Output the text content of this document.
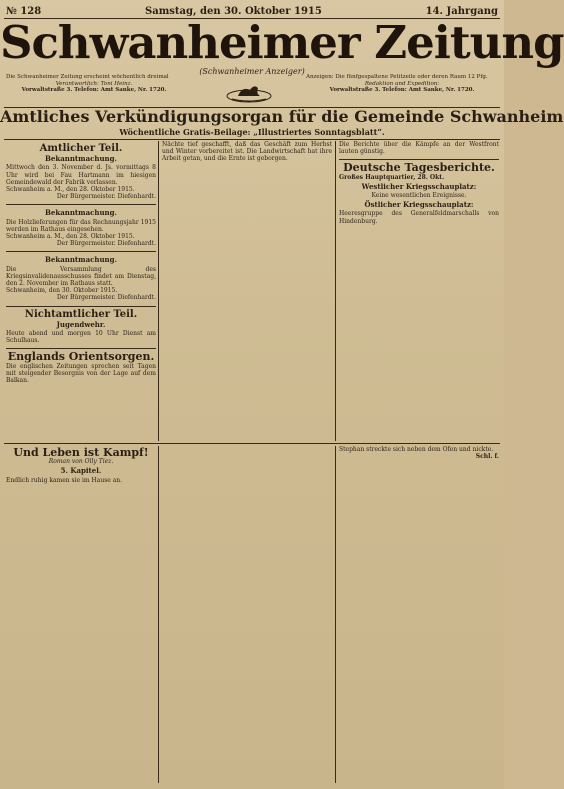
№ 128	Samstag, den 30. Oktober 1915	14. Jahrgang
Schwanheimer Zeitung
(Schwanheimer Anzeiger)
Die Schwanheimer Zeitung erscheint wöchentlich dreimal
Verantwortlich: Toni Heinz.
Vorwaltstraße 3. Telefon: Amt Sanke, Nr. 1720.
Anzeigen: Die fünfgespaltene Petitzeile oder deren Raum 12 Pfg.
Redaktion und Expedition:
Vorwaltstraße 3. Telefon: Amt Sanke, Nr. 1720.
Amtliches Verkündigungsorgan für die Gemeinde Schwanheim
Wöchentliche Gratis-Beilage: „Illustriertes Sonntagsblatt“.
Amtlicher Teil.
Bekanntmachung.
Mittwoch den 3. November d. Js. vormittags 8 Uhr wird bei Fau Hartmann im hiesigen Gemeindewald der Fabrik verlassen.
Schwanheim a. M., den 28. Oktober 1915.
Der Bürgermeister. Diefenhardt.
Bekanntmachung.
Die Holzlieferungen für das Rechnungsjahr 1915 werden im Rathaus eingesehen.
Schwanheim a. M., den 28. Oktober 1915.
Der Bürgermeister. Diefenhardt.
Bekanntmachung.
Die Versammlung des Kriegsinvalidenausschusses findet am Dienstag, den 2. November im Rathaus statt.
Schwanheim, den 30. Oktober 1915.
Der Bürgermeister. Diefenhardt.
Nichtamtlicher Teil.
Jugendwehr.
Heute abend und morgen 10 Uhr Dienst am Schulhaus.
Englands Orientsorgen.
Die englischen Zeitungen sprechen seit Tagen mit steigender Besorgnis von der Lage auf dem Balkan.
Nächte tief geschafft, daß das Geschäft zum Herbst und Winter vorbereitet ist. Die Landwirtschaft hat ihre Arbeit getan, und die Ernte ist geborgen.
Die Berichte über die Kämpfe an der Westfront lauten günstig.
Deutsche Tagesberichte.
Großes Hauptquartier, 28. Okt.
Westlicher Kriegsschauplatz:
Keine wesentlichen Ereignisse.
Östlicher Kriegsschauplatz:
Heeresgruppe des Generalfeldmarschalls von Hindenburg.
Und Leben ist Kampf!
Roman von Olly Tiez.
5. Kapitel.
Endlich ruhig kamen sie im Hause an.
Stephan streckte sich neben dem Ofen und nickte.
Schl. f.
